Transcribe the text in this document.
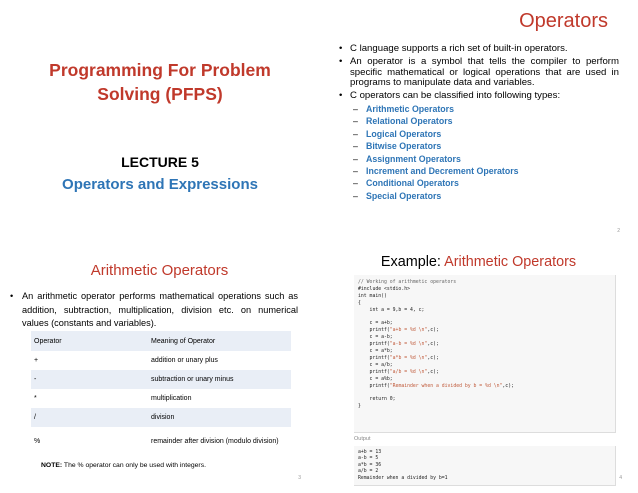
Programming For Problem
Solving (PFPS)
LECTURE 5
Operators and Expressions
Operators
• C language supports a rich set of built-in operators.
• An operator is a symbol that tells the compiler to perform specific mathematical or logical operations that are used in programs to manipulate data and variables.
• C operators can be classified into following types:
– Arithmetic Operators
– Relational Operators
– Logical Operators
– Bitwise Operators
– Assignment Operators
– Increment and Decrement Operators
– Conditional Operators
– Special Operators
2
Arithmetic Operators
• An arithmetic operator performs mathematical operations such as addition, subtraction, multiplication, division etc. on numerical values (constants and variables).
Operator	Meaning of Operator
+	addition or unary plus
-	subtraction or unary minus
*	multiplication
/	division
%	remainder after division (modulo division)
NOTE: The % operator can only be used with integers.
3
Example: Arithmetic Operators
// Working of arithmetic operators
#include <stdio.h>
int main()
{
int a = 9,b = 4, c;

c = a+b;
printf("a+b = %d \n",c);
c = a-b;
printf("a-b = %d \n",c);
c = a*b;
printf("a*b = %d \n",c);
c = a/b;
printf("a/b = %d \n",c);
c = a%b;
printf("Remainder when a divided by b = %d \n",c);

return 0;
}
Output
a+b = 13
a-b = 5
a*b = 36
a/b = 2
Remainder when a divided by b=1	4
